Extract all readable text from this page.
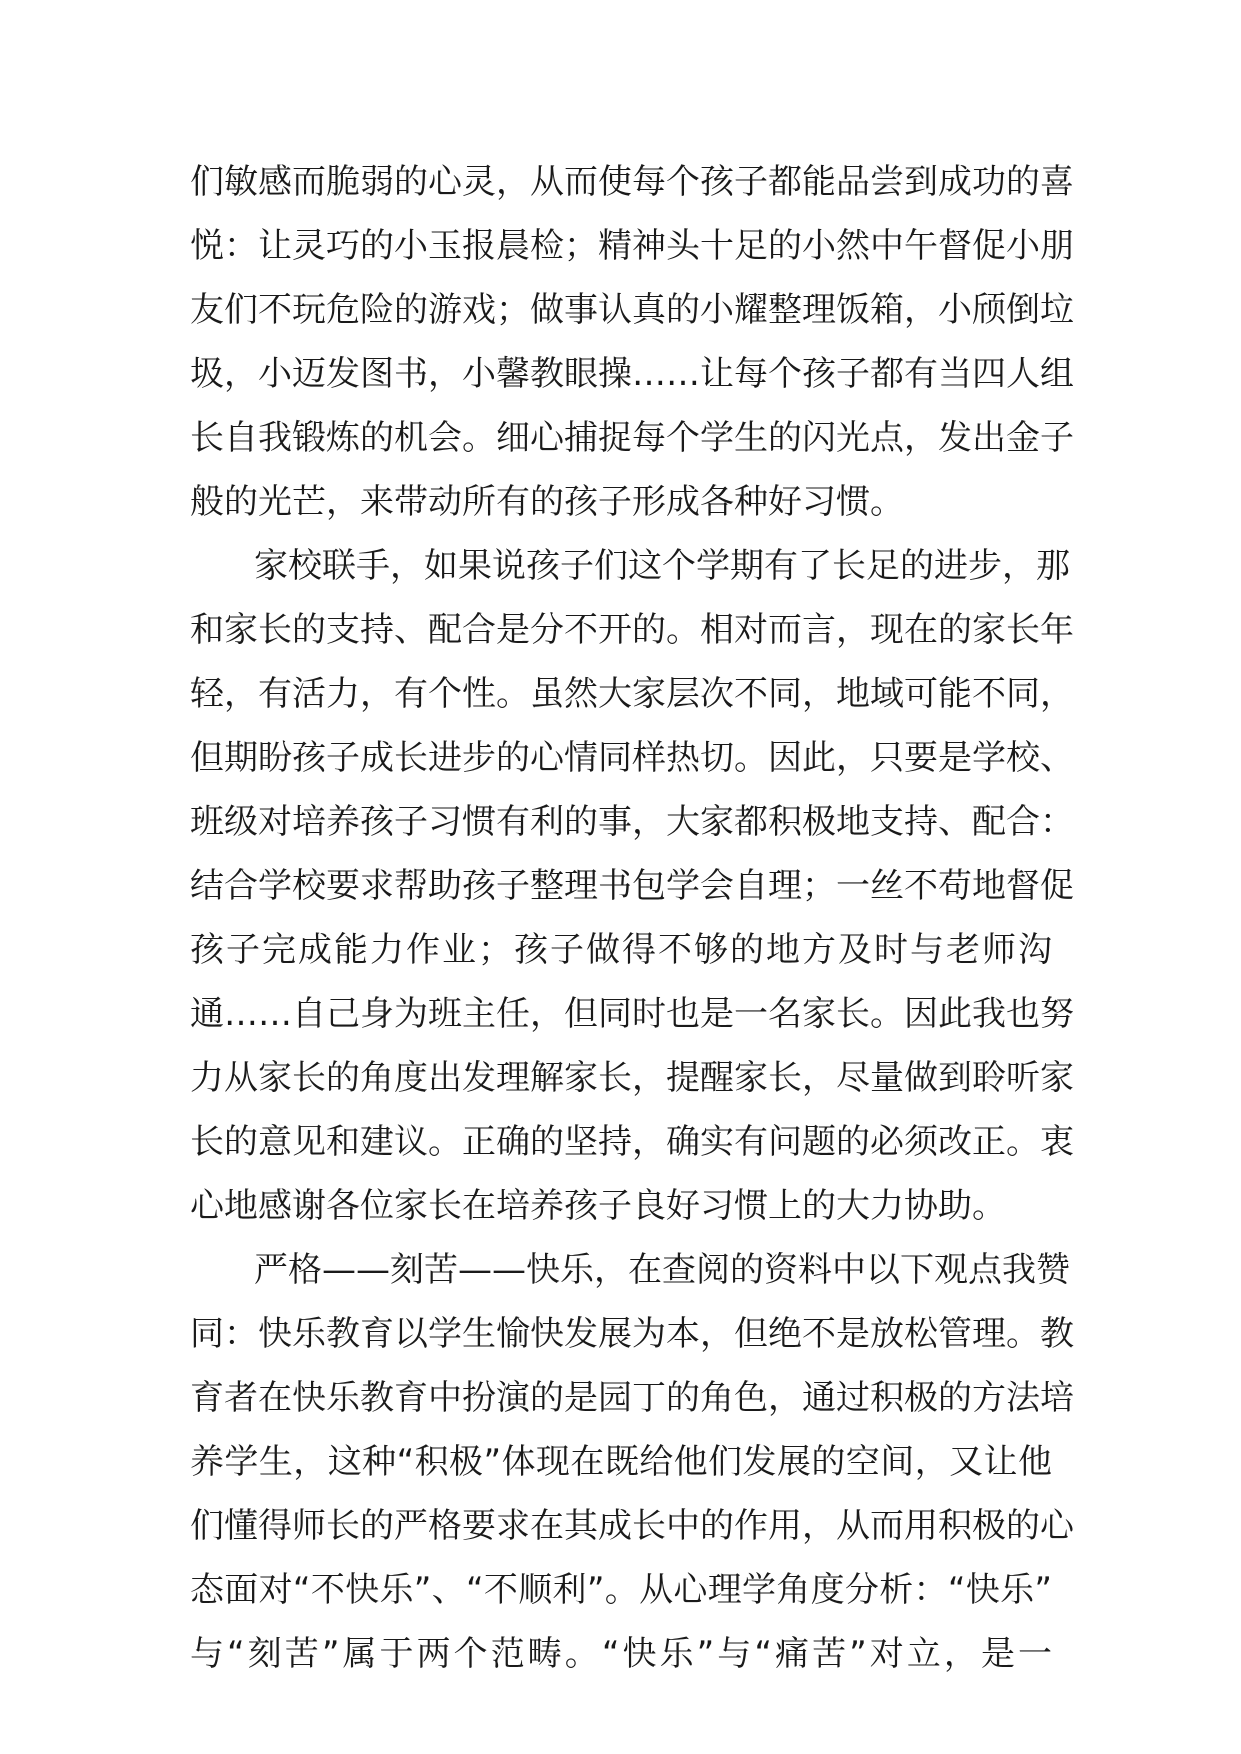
们敏感而脆弱的心灵，从而使每个孩子都能品尝到成功的喜
悦：让灵巧的小玉报晨检；精神头十足的小然中午督促小朋
友们不玩危险的游戏；做事认真的小耀整理饭箱，小颀倒垃
圾，小迈发图书，小馨教眼操……让每个孩子都有当四人组
长自我锻炼的机会。细心捕捉每个学生的闪光点，发出金子
般的光芒，来带动所有的孩子形成各种好习惯。
家校联手，如果说孩子们这个学期有了长足的进步，那
和家长的支持、配合是分不开的。相对而言，现在的家长年
轻，有活力，有个性。虽然大家层次不同，地域可能不同，
但期盼孩子成长进步的心情同样热切。因此，只要是学校、
班级对培养孩子习惯有利的事，大家都积极地支持、配合：
结合学校要求帮助孩子整理书包学会自理；一丝不苟地督促
孩子完成能力作业；孩子做得不够的地方及时与老师沟
通……自己身为班主任，但同时也是一名家长。因此我也努
力从家长的角度出发理解家长，提醒家长，尽量做到聆听家
长的意见和建议。正确的坚持，确实有问题的必须改正。衷
心地感谢各位家长在培养孩子良好习惯上的大力协助。
严格——刻苦——快乐，在查阅的资料中以下观点我赞
同：快乐教育以学生愉快发展为本，但绝不是放松管理。教
育者在快乐教育中扮演的是园丁的角色，通过积极的方法培
养学生，这种“积极”体现在既给他们发展的空间，又让他
们懂得师长的严格要求在其成长中的作用，从而用积极的心
态面对“不快乐”、“不顺利”。从心理学角度分析：“快乐”
与“刻苦”属于两个范畴。“快乐”与“痛苦”对立，是一
